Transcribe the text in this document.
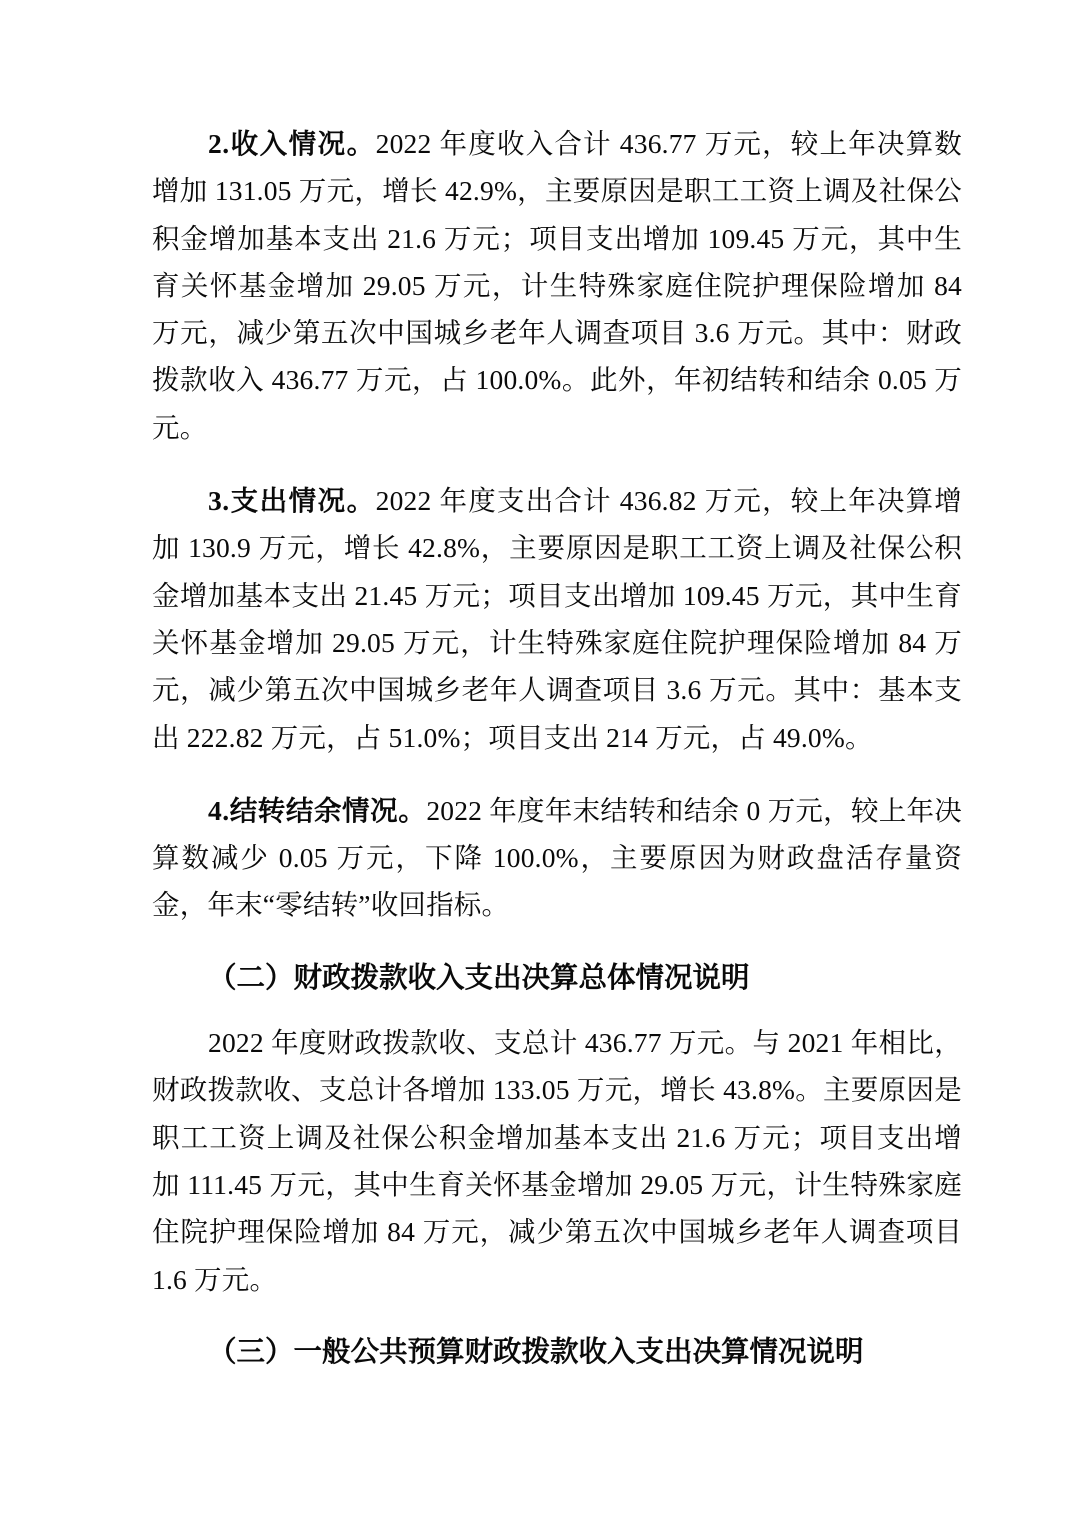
2.收入情况。2022 年度收入合计 436.77 万元，较上年决算数增加 131.05 万元，增长 42.9%，主要原因是职工工资上调及社保公积金增加基本支出 21.6 万元；项目支出增加 109.45 万元，其中生育关怀基金增加 29.05 万元，计生特殊家庭住院护理保险增加 84 万元，减少第五次中国城乡老年人调查项目 3.6 万元。其中：财政拨款收入 436.77 万元，占 100.0%。此外，年初结转和结余 0.05 万元。

3.支出情况。2022 年度支出合计 436.82 万元，较上年决算增加 130.9 万元，增长 42.8%，主要原因是职工工资上调及社保公积金增加基本支出 21.45 万元；项目支出增加 109.45 万元，其中生育关怀基金增加 29.05 万元，计生特殊家庭住院护理保险增加 84 万元，减少第五次中国城乡老年人调查项目 3.6 万元。其中：基本支出 222.82 万元，占 51.0%；项目支出 214 万元，占 49.0%。

4.结转结余情况。2022 年度年末结转和结余 0 万元，较上年决算数减少 0.05 万元，下降 100.0%，主要原因为财政盘活存量资金，年末“零结转”收回指标。

（二）财政拨款收入支出决算总体情况说明

2022 年度财政拨款收、支总计 436.77 万元。与 2021 年相比，财政拨款收、支总计各增加 133.05 万元，增长 43.8%。主要原因是职工工资上调及社保公积金增加基本支出 21.6 万元；项目支出增加 111.45 万元，其中生育关怀基金增加 29.05 万元，计生特殊家庭住院护理保险增加 84 万元，减少第五次中国城乡老年人调查项目 1.6 万元。

（三）一般公共预算财政拨款收入支出决算情况说明
